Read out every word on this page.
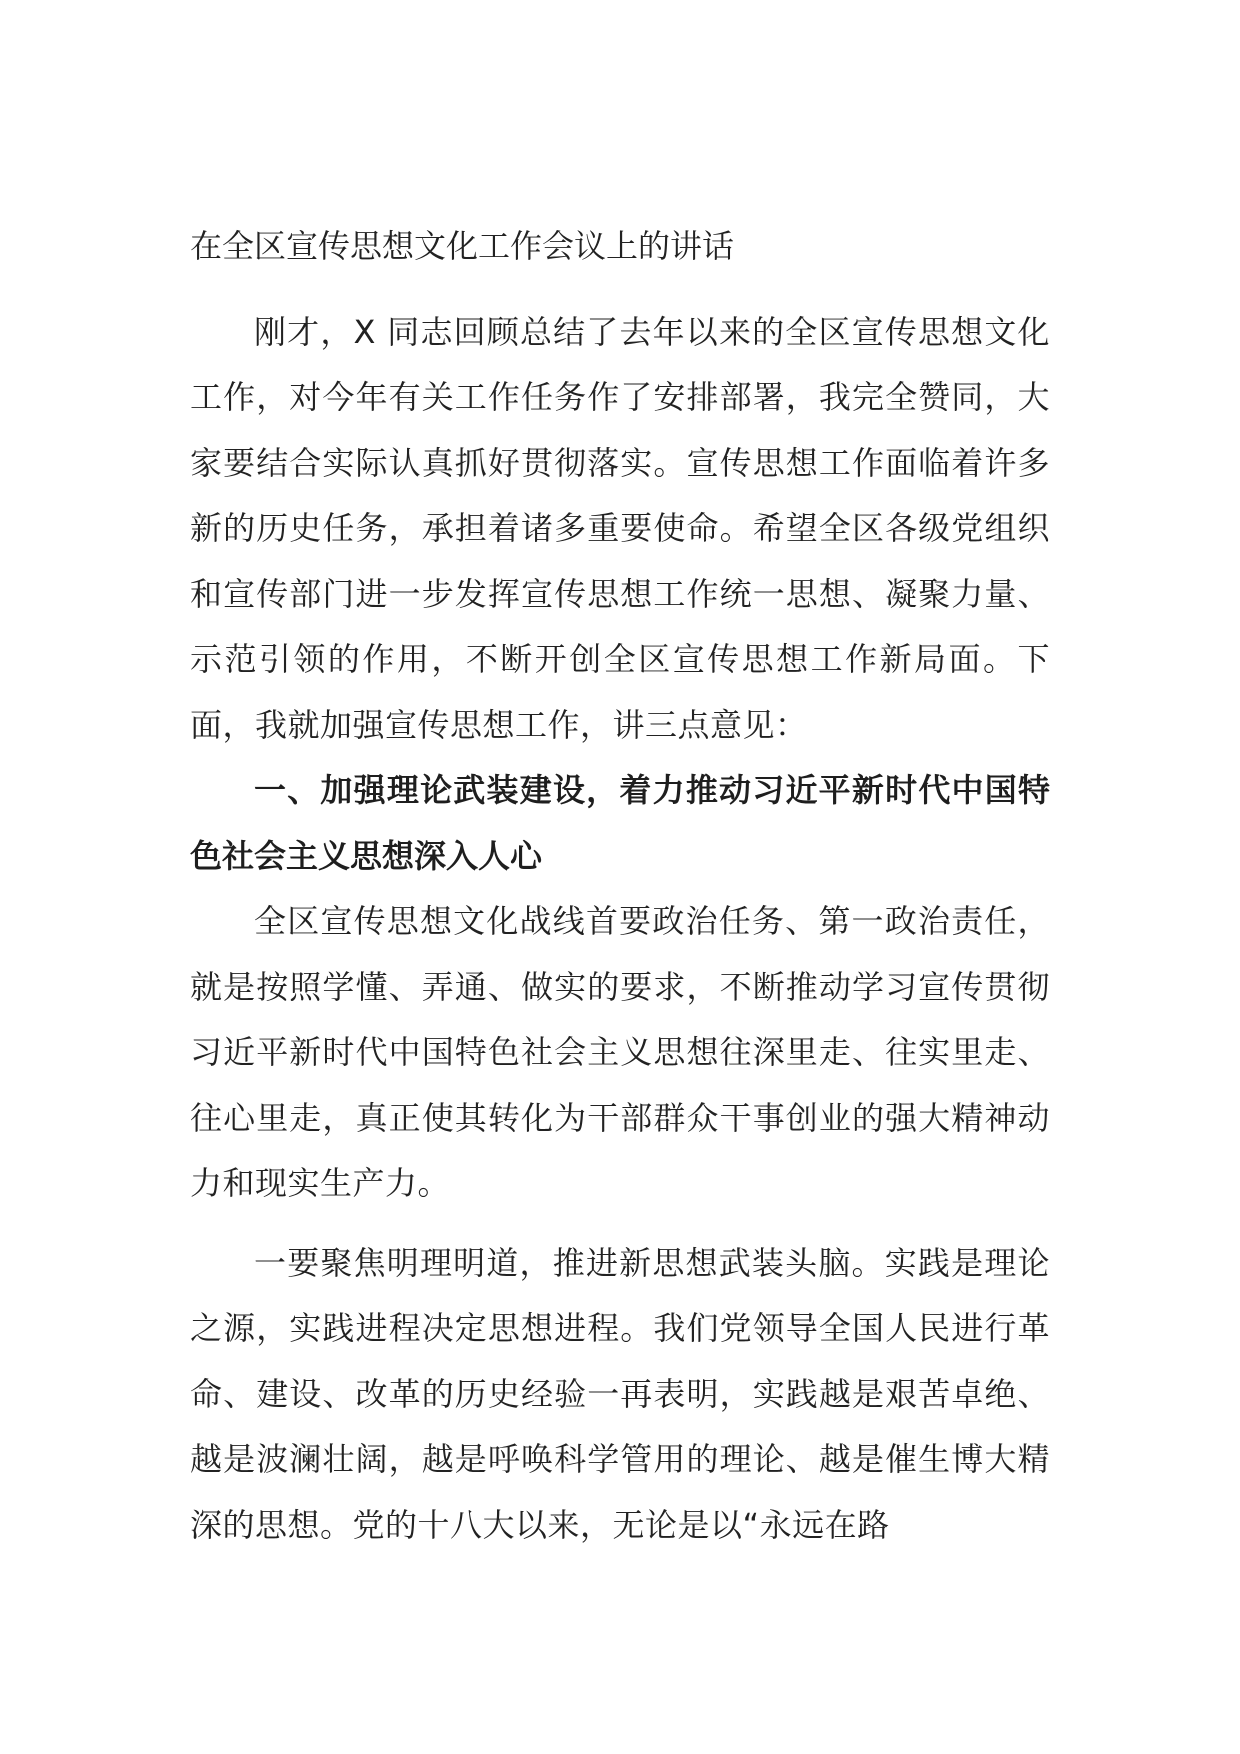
在全区宣传思想文化工作会议上的讲话

刚才，X 同志回顾总结了去年以来的全区宣传思想文化工作，对今年有关工作任务作了安排部署，我完全赞同，大家要结合实际认真抓好贯彻落实。宣传思想工作面临着许多新的历史任务，承担着诸多重要使命。希望全区各级党组织和宣传部门进一步发挥宣传思想工作统一思想、凝聚力量、示范引领的作用，不断开创全区宣传思想工作新局面。下面，我就加强宣传思想工作，讲三点意见：

一、加强理论武装建设，着力推动习近平新时代中国特色社会主义思想深入人心

全区宣传思想文化战线首要政治任务、第一政治责任，就是按照学懂、弄通、做实的要求，不断推动学习宣传贯彻习近平新时代中国特色社会主义思想往深里走、往实里走、往心里走，真正使其转化为干部群众干事创业的强大精神动力和现实生产力。

一要聚焦明理明道，推进新思想武装头脑。实践是理论之源，实践进程决定思想进程。我们党领导全国人民进行革命、建设、改革的历史经验一再表明，实践越是艰苦卓绝、越是波澜壮阔，越是呼唤科学管用的理论、越是催生博大精深的思想。党的十八大以来，无论是以“永远在路
